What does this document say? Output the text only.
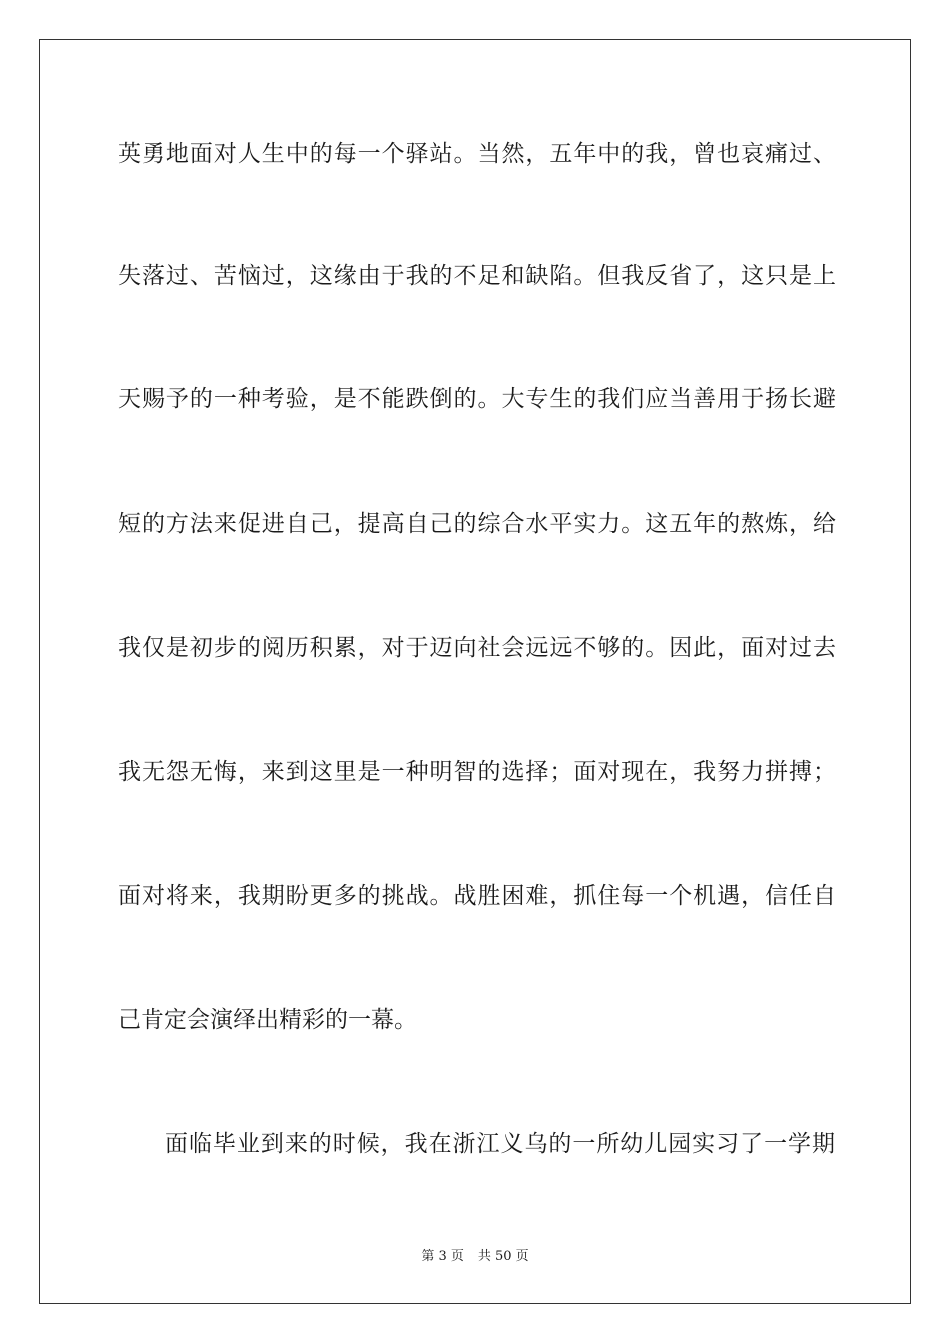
英勇地面对人生中的每一个驿站。当然，五年中的我，曾也哀痛过、
失落过、苦恼过，这缘由于我的不足和缺陷。但我反省了，这只是上
天赐予的一种考验，是不能跌倒的。大专生的我们应当善用于扬长避
短的方法来促进自己，提高自己的综合水平实力。这五年的熬炼，给
我仅是初步的阅历积累，对于迈向社会远远不够的。因此，面对过去
我无怨无悔，来到这里是一种明智的选择；面对现在，我努力拼搏；
面对将来，我期盼更多的挑战。战胜困难，抓住每一个机遇，信任自
己肯定会演绎出精彩的一幕。
面临毕业到来的时候，我在浙江义乌的一所幼儿园实习了一学期
第 3 页 共 50 页
